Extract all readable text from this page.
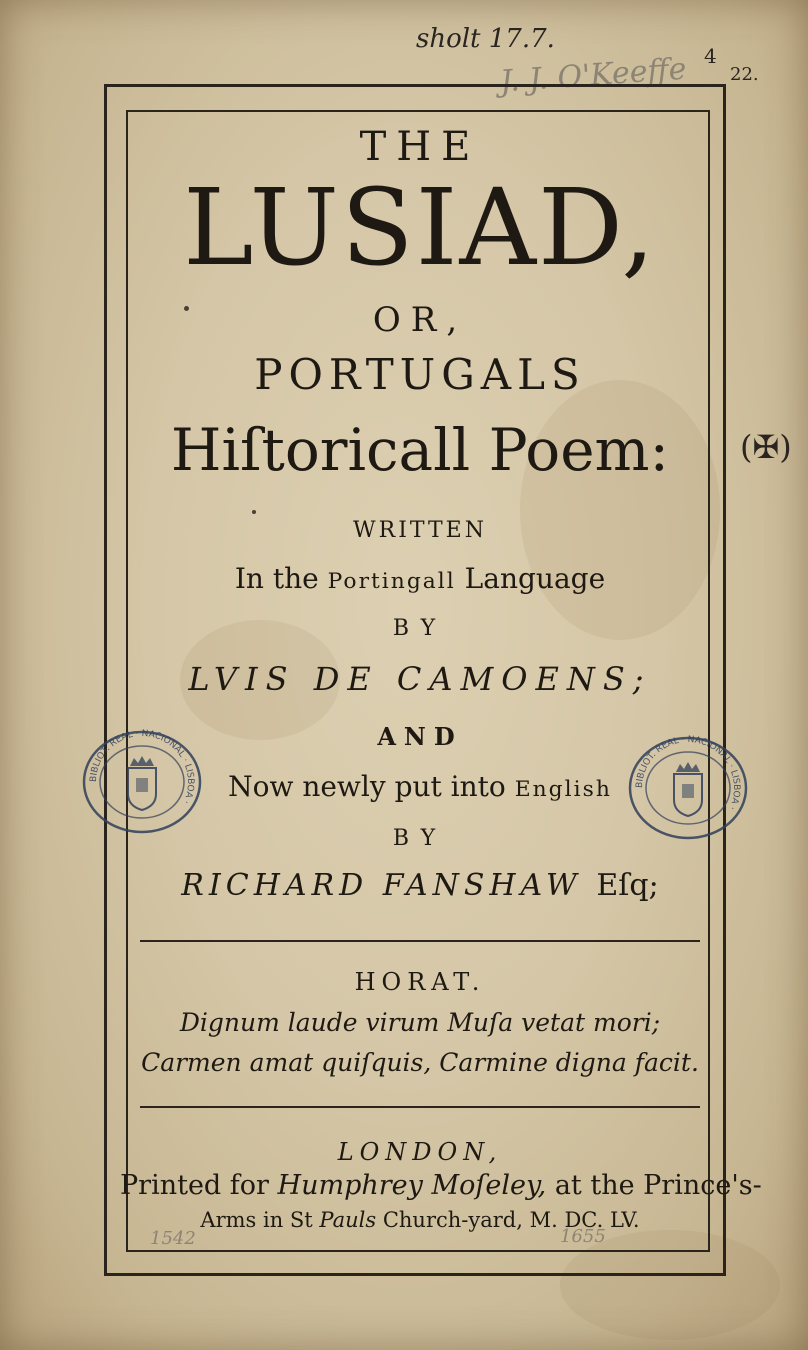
sholt 17.7.
J. J. O'Keeffe 4
22.
(✠)
1542	1655

THE

LUSIAD,

OR,

PORTUGALS

Hiſtoricall Poem:

WRITTEN

In the Portingall Language

BY

LVIS DE CAMOENS;

AND

Now newly put into English

BY

RICHARD FANSHAW Eſq;

HORAT.

Dignum laude virum Muſa vetat mori;

Carmen amat quiſquis, Carmine digna facit.

LONDON,

Printed for Humphrey Moſeley, at the Prince's-

Arms in St Pauls Church-yard, M. DC. LV.

BIBLIOT. REAL · NACIONAL · LISBOA ·
BIBLIOT. REAL · NACIONAL · LISBOA ·
